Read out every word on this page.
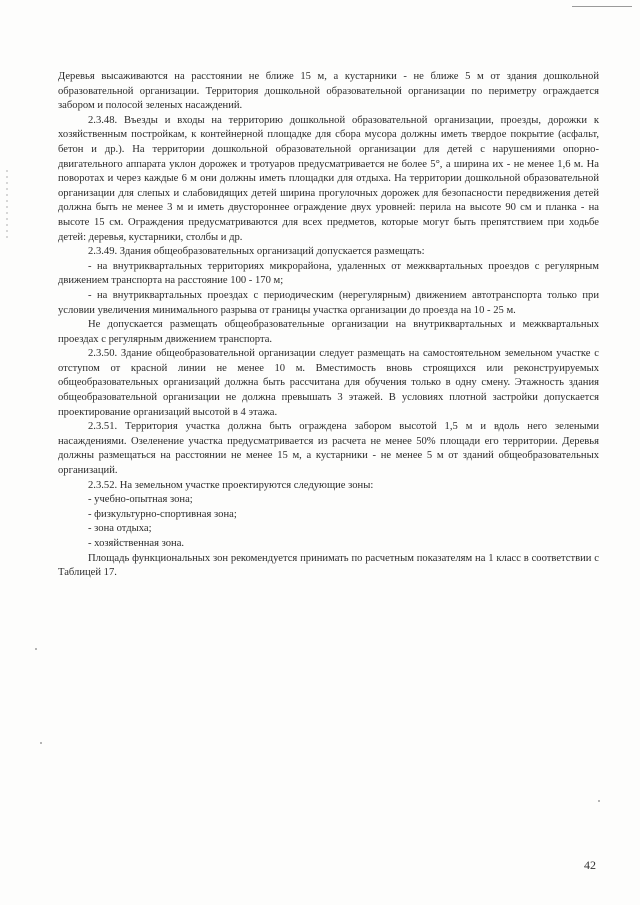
Деревья высаживаются на расстоянии не ближе 15 м, а кустарники - не ближе 5 м от здания дошкольной образовательной организации. Территория дошкольной образовательной организации по периметру ограждается забором и полосой зеленых насаждений.

2.3.48. Въезды и входы на территорию дошкольной образовательной организации, проезды, дорожки к хозяйственным постройкам, к контейнерной площадке для сбора мусора должны иметь твердое покрытие (асфальт, бетон и др.). На территории дошкольной образовательной организации для детей с нарушениями опорно-двигательного аппарата уклон дорожек и тротуаров предусматривается не более 5°, а ширина их - не менее 1,6 м. На поворотах и через каждые 6 м они должны иметь площадки для отдыха. На территории дошкольной образовательной организации для слепых и слабовидящих детей ширина прогулочных дорожек для безопасности передвижения детей должна быть не менее 3 м и иметь двустороннее ограждение двух уровней: перила на высоте 90 см и планка - на высоте 15 см. Ограждения предусматриваются для всех предметов, которые могут быть препятствием при ходьбе детей: деревья, кустарники, столбы и др.

2.3.49. Здания общеобразовательных организаций допускается размещать:

- на внутриквартальных территориях микрорайона, удаленных от межквартальных проездов с регулярным движением транспорта на расстояние 100 - 170 м;

- на внутриквартальных проездах с периодическим (нерегулярным) движением автотранспорта только при условии увеличения минимального разрыва от границы участка организации до проезда на 10 - 25 м.

Не допускается размещать общеобразовательные организации на внутриквартальных и межквартальных проездах с регулярным движением транспорта.

2.3.50. Здание общеобразовательной организации следует размещать на самостоятельном земельном участке с отступом от красной линии не менее 10 м. Вместимость вновь строящихся или реконструируемых общеобразовательных организаций должна быть рассчитана для обучения только в одну смену. Этажность здания общеобразовательной организации не должна превышать 3 этажей. В условиях плотной застройки допускается проектирование организаций высотой в 4 этажа.

2.3.51. Территория участка должна быть ограждена забором высотой 1,5 м и вдоль него зелеными насаждениями. Озеленение участка предусматривается из расчета не менее 50% площади его территории. Деревья должны размещаться на расстоянии не менее 15 м, а кустарники - не менее 5 м от зданий общеобразовательных организаций.

2.3.52. На земельном участке проектируются следующие зоны:

- учебно-опытная зона;

- физкультурно-спортивная зона;

- зона отдыха;

- хозяйственная зона.

Площадь функциональных зон рекомендуется принимать по расчетным показателям на 1 класс в соответствии с Таблицей 17.

42
